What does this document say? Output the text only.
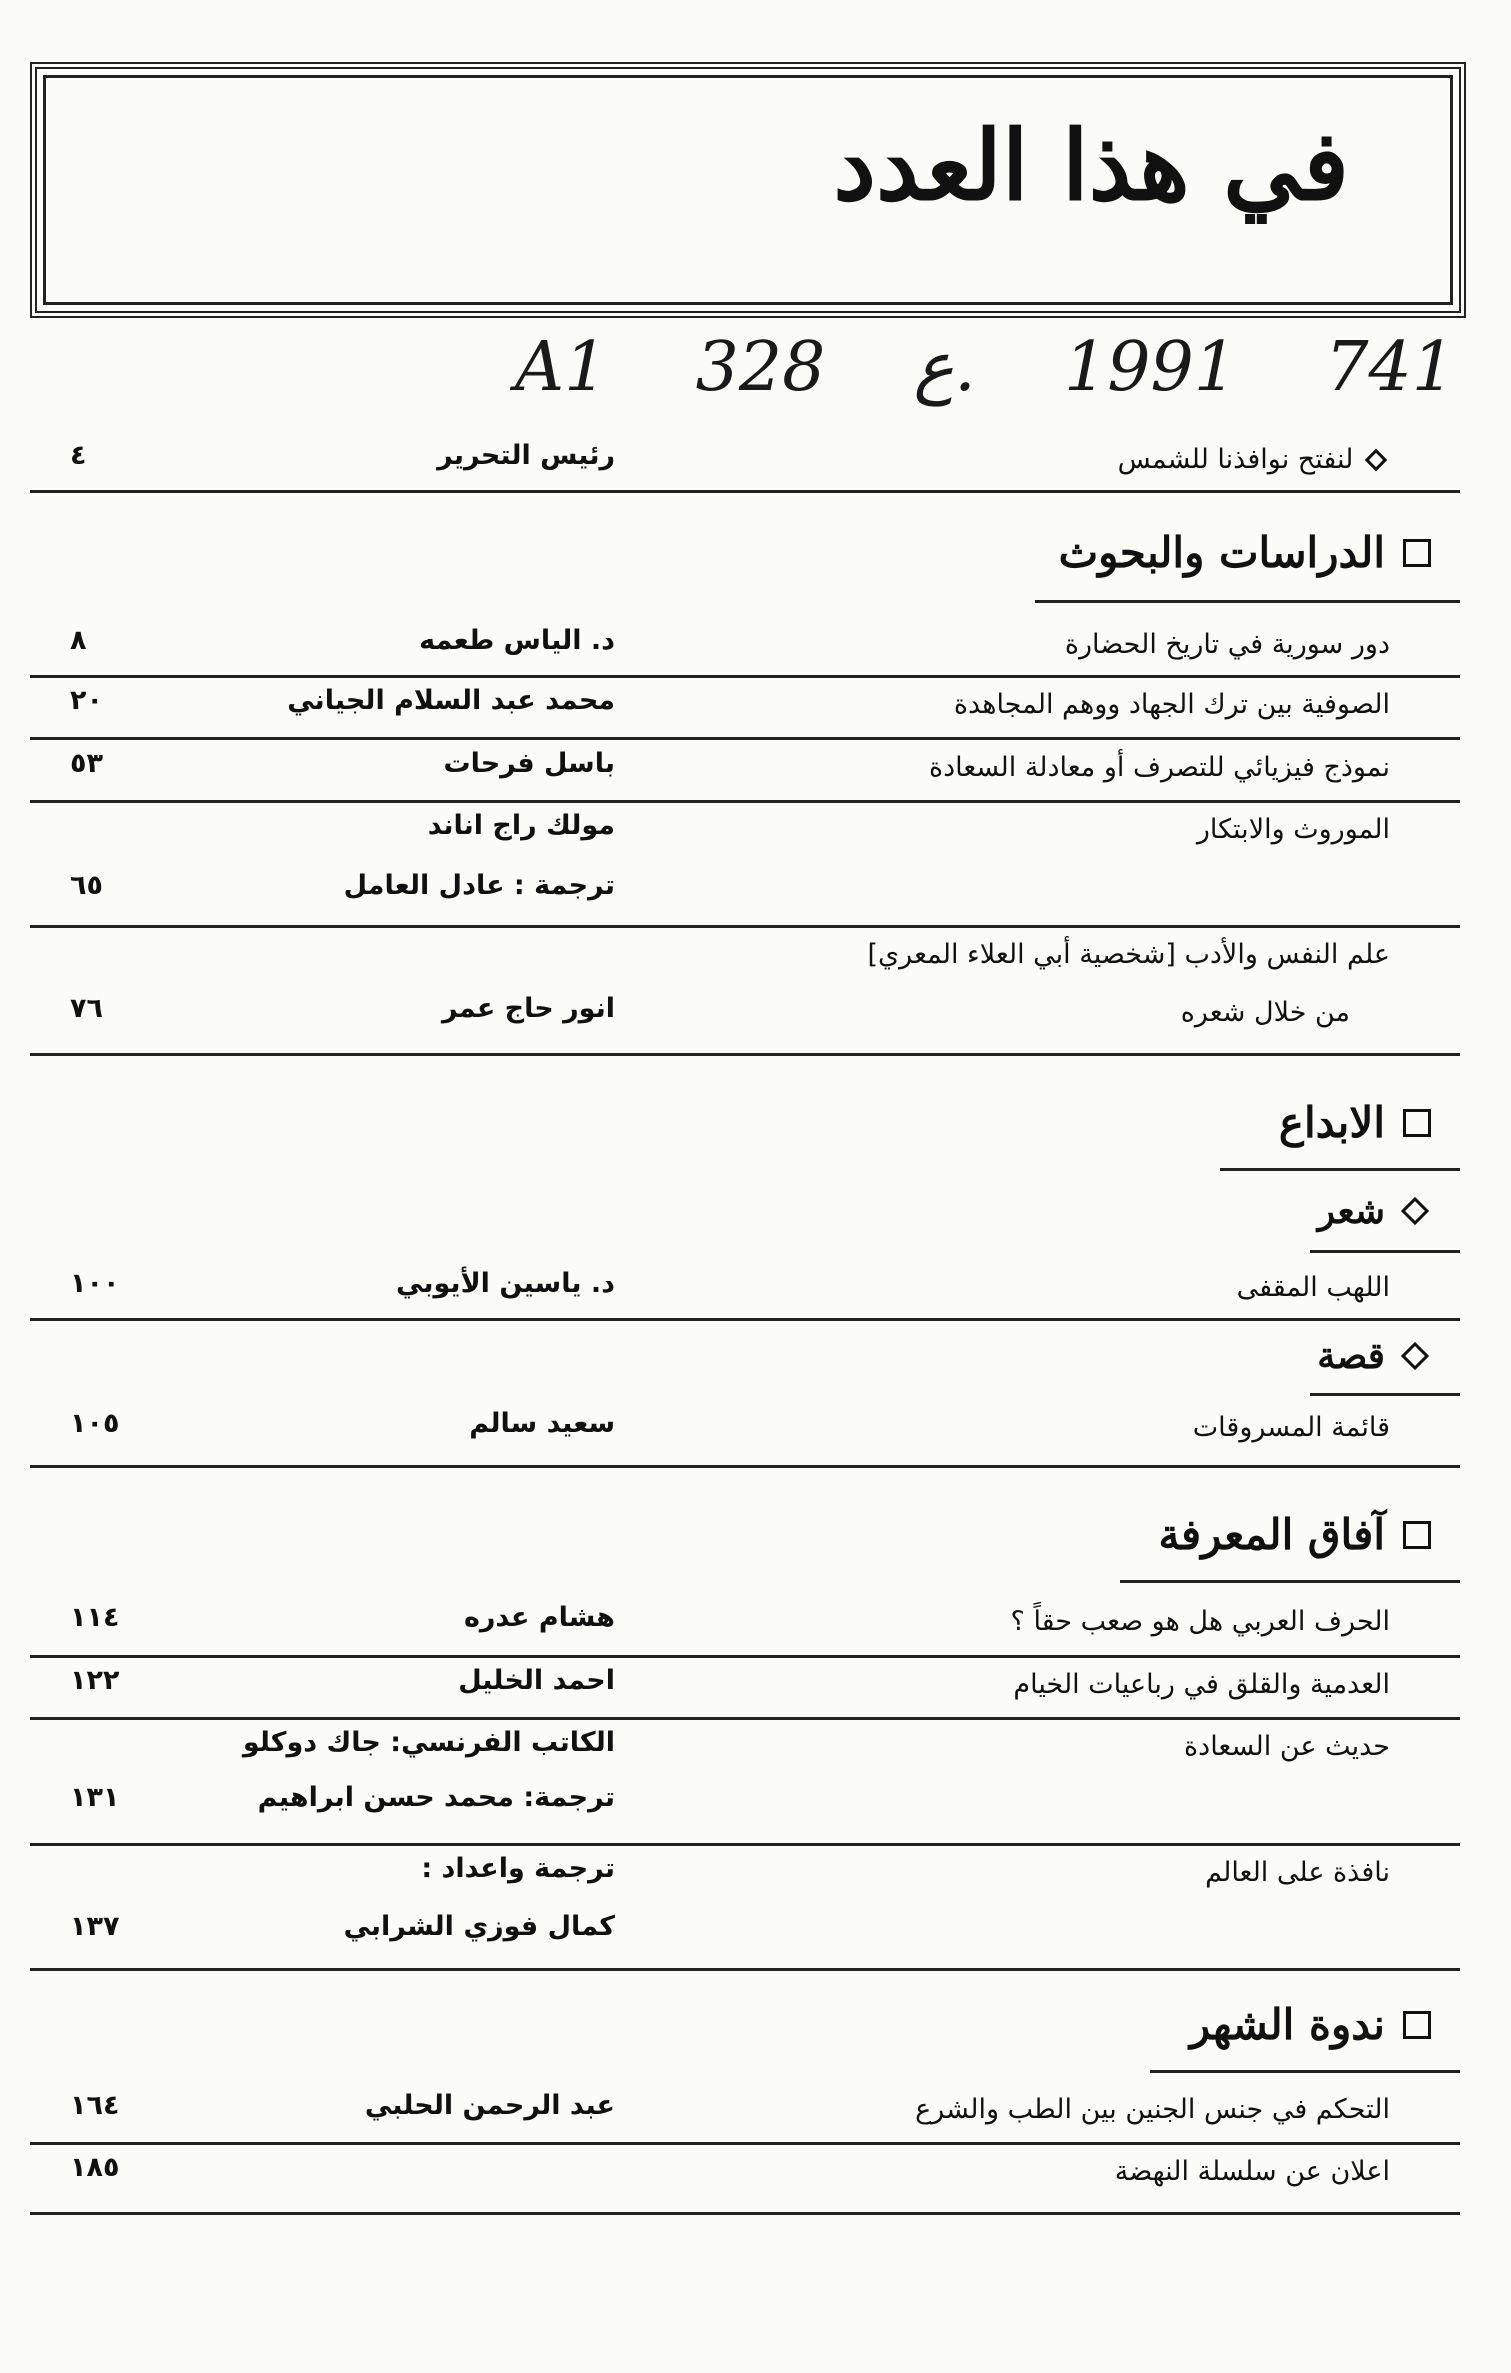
في هذا العدد
A1 328 ع. 1991 741
لنفتح نوافذنا للشمس
رئيس التحرير
٤
الدراسات والبحوث
دور سورية في تاريخ الحضارة
د. الياس طعمه
٨
الصوفية بين ترك الجهاد ووهم المجاهدة
محمد عبد السلام الجياني
٢٠
نموذج فيزيائي للتصرف أو معادلة السعادة
باسل فرحات
٥٣
الموروث والابتكار
مولك راج اناند
ترجمة : عادل العامل
٦٥
علم النفس والأدب [شخصية أبي العلاء المعري]
من خلال شعره
انور حاج عمر
٧٦
الابداع
شعر
اللهب المقفى
د. ياسين الأيوبي
١٠٠
قصة
قائمة المسروقات
سعيد سالم
١٠٥
آفاق المعرفة
الحرف العربي هل هو صعب حقاً ؟
هشام عدره
١١٤
العدمية والقلق في رباعيات الخيام
احمد الخليل
١٢٢
حديث عن السعادة
الكاتب الفرنسي: جاك دوكلو
ترجمة: محمد حسن ابراهيم
١٣١
نافذة على العالم
ترجمة واعداد :
كمال فوزي الشرابي
١٣٧
ندوة الشهر
التحكم في جنس الجنين بين الطب والشرع
عبد الرحمن الحلبي
١٦٤
اعلان عن سلسلة النهضة
١٨٥
